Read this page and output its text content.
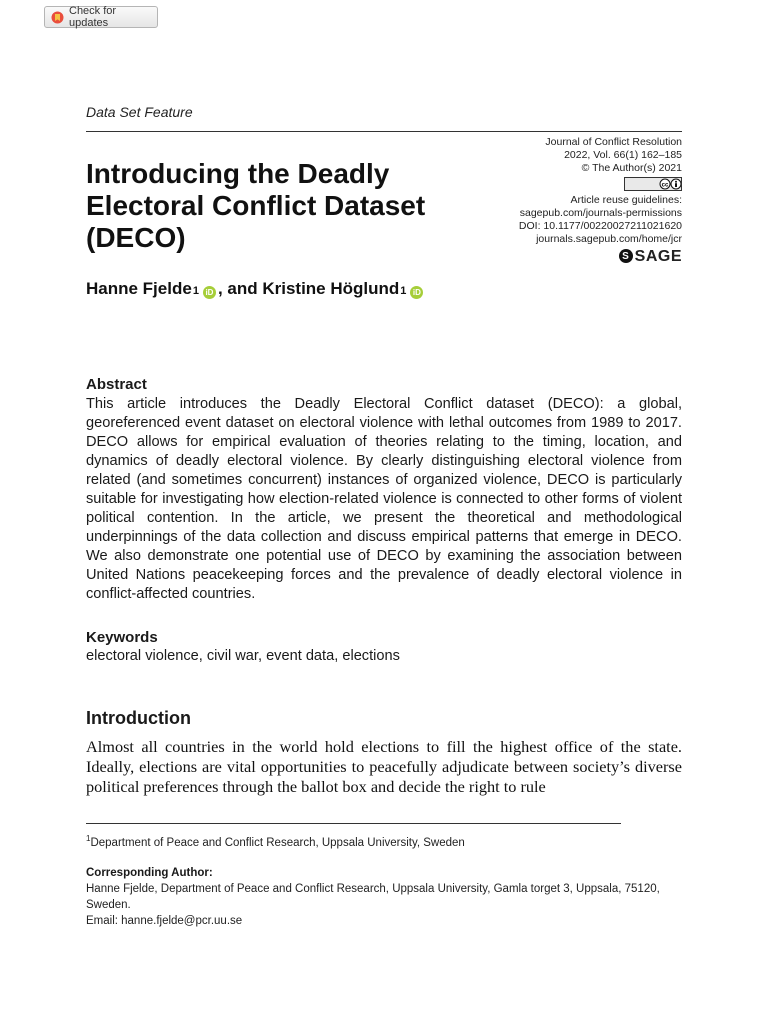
Check for updates
Data Set Feature
Journal of Conflict Resolution
2022, Vol. 66(1) 162–185
© The Author(s) 2021
cc
Article reuse guidelines:
sagepub.com/journals-permissions
DOI: 10.1177/00220027211021620
journals.sagepub.com/home/jcr
S SAGE
Introducing the Deadly Electoral Conflict Dataset (DECO)
Hanne Fjelde 1 iD , and Kristine Höglund 1 iD
Abstract
This article introduces the Deadly Electoral Conflict dataset (DECO): a global, georeferenced event dataset on electoral violence with lethal outcomes from 1989 to 2017. DECO allows for empirical evaluation of theories relating to the timing, location, and dynamics of deadly electoral violence. By clearly distinguishing electoral violence from related (and sometimes concurrent) instances of organized violence, DECO is particularly suitable for investigating how election-related violence is connected to other forms of violent political contention. In the article, we present the theoretical and methodological underpinnings of the data collection and discuss empirical patterns that emerge in DECO. We also demonstrate one potential use of DECO by examining the association between United Nations peacekeeping forces and the prevalence of deadly electoral violence in conflict-affected countries.
Keywords
electoral violence, civil war, event data, elections
Introduction
Almost all countries in the world hold elections to fill the highest office of the state. Ideally, elections are vital opportunities to peacefully adjudicate between society’s diverse political preferences through the ballot box and decide the right to rule
$^1$Department of Peace and Conflict Research, Uppsala University, Sweden
Corresponding Author:
Hanne Fjelde, Department of Peace and Conflict Research, Uppsala University, Gamla torget 3, Uppsala, 75120, Sweden.
Email: hanne.fjelde@pcr.uu.se
